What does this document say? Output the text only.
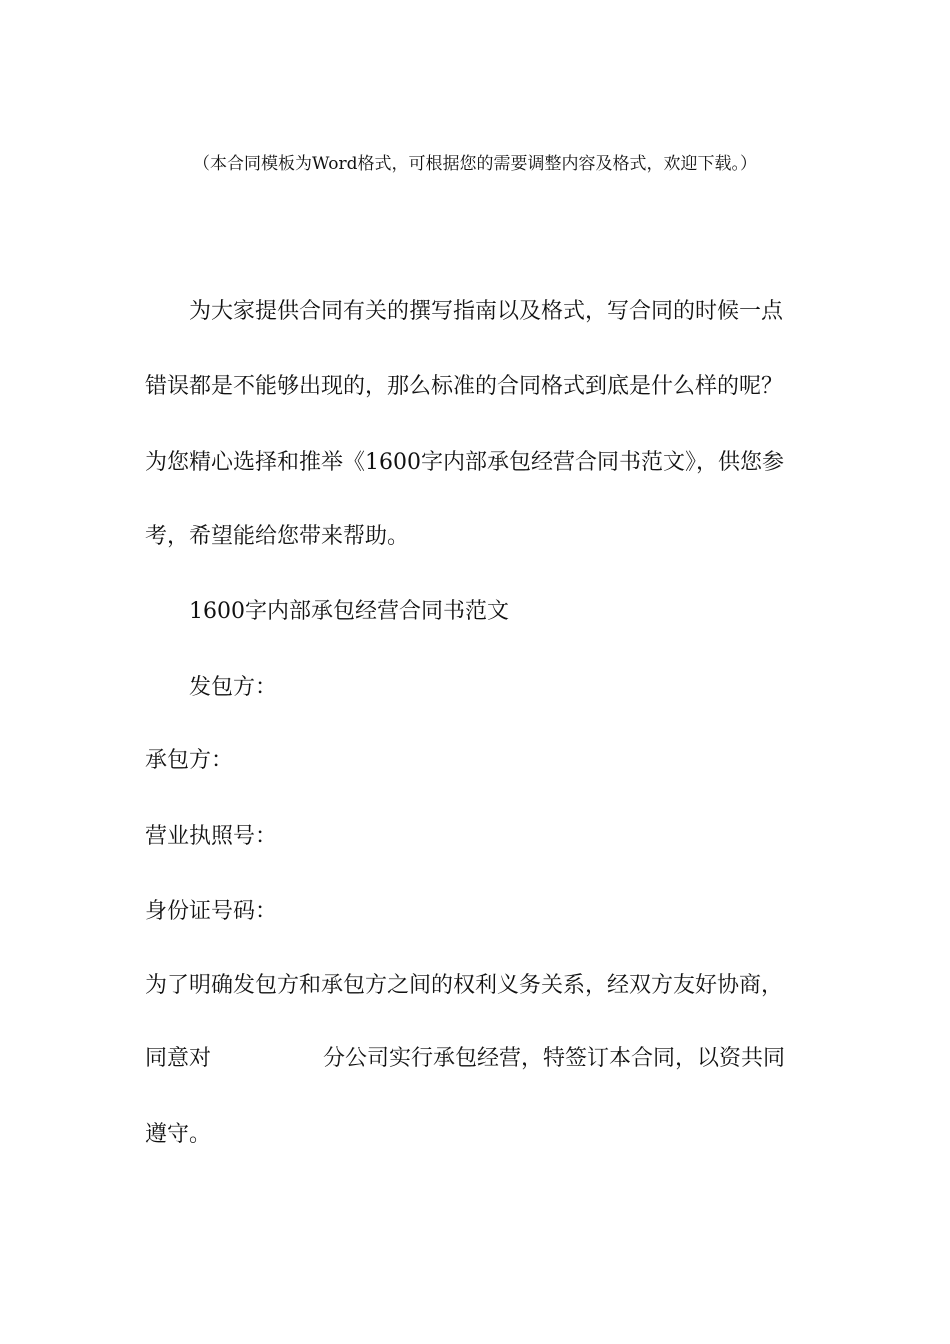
（本合同模板为Word格式，可根据您的需要调整内容及格式，欢迎下载。）
为大家提供合同有关的撰写指南以及格式，写合同的时候一点
错误都是不能够出现的，那么标准的合同格式到底是什么样的呢？
为您精心选择和推举《1600字内部承包经营合同书范文》，供您参
考，希望能给您带来帮助。
1600字内部承包经营合同书范文
发包方：
承包方：
营业执照号：
身份证号码：
为了明确发包方和承包方之间的权利义务关系，经双方友好协商，
同意对	分公司实行承包经营，特签订本合同，以资共同
遵守。
